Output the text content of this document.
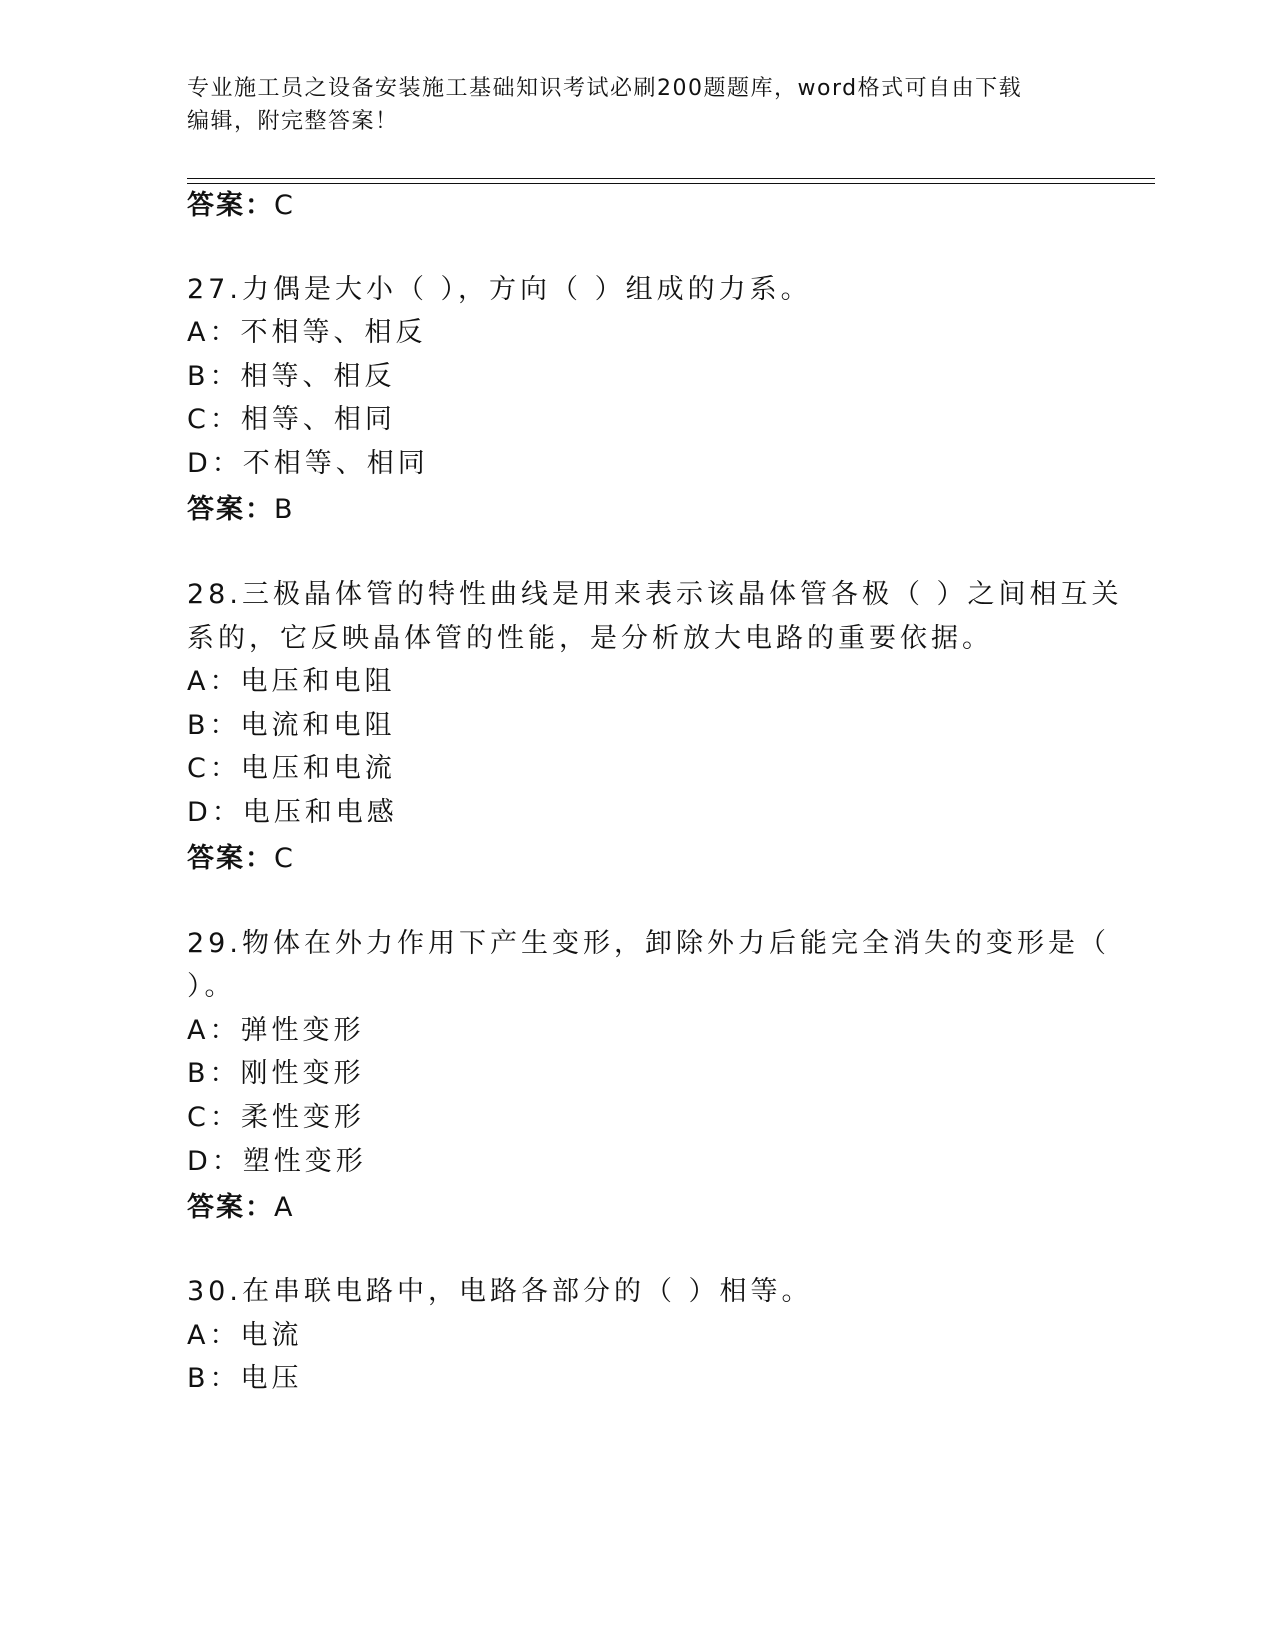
专业施工员之设备安装施工基础知识考试必刷200题题库，word格式可自由下载
编辑，附完整答案！
答案：C
27.力偶是大小（ ），方向（ ）组成的力系。
A：不相等、相反
B：相等、相反
C：相等、相同
D：不相等、相同
答案：B
28.三极晶体管的特性曲线是用来表示该晶体管各极（ ）之间相互关
系的，它反映晶体管的性能，是分析放大电路的重要依据。
A：电压和电阻
B：电流和电阻
C：电压和电流
D：电压和电感
答案：C
29.物体在外力作用下产生变形，卸除外力后能完全消失的变形是（
）。
A：弹性变形
B：刚性变形
C：柔性变形
D：塑性变形
答案：A
30.在串联电路中，电路各部分的（ ）相等。
A：电流
B：电压
